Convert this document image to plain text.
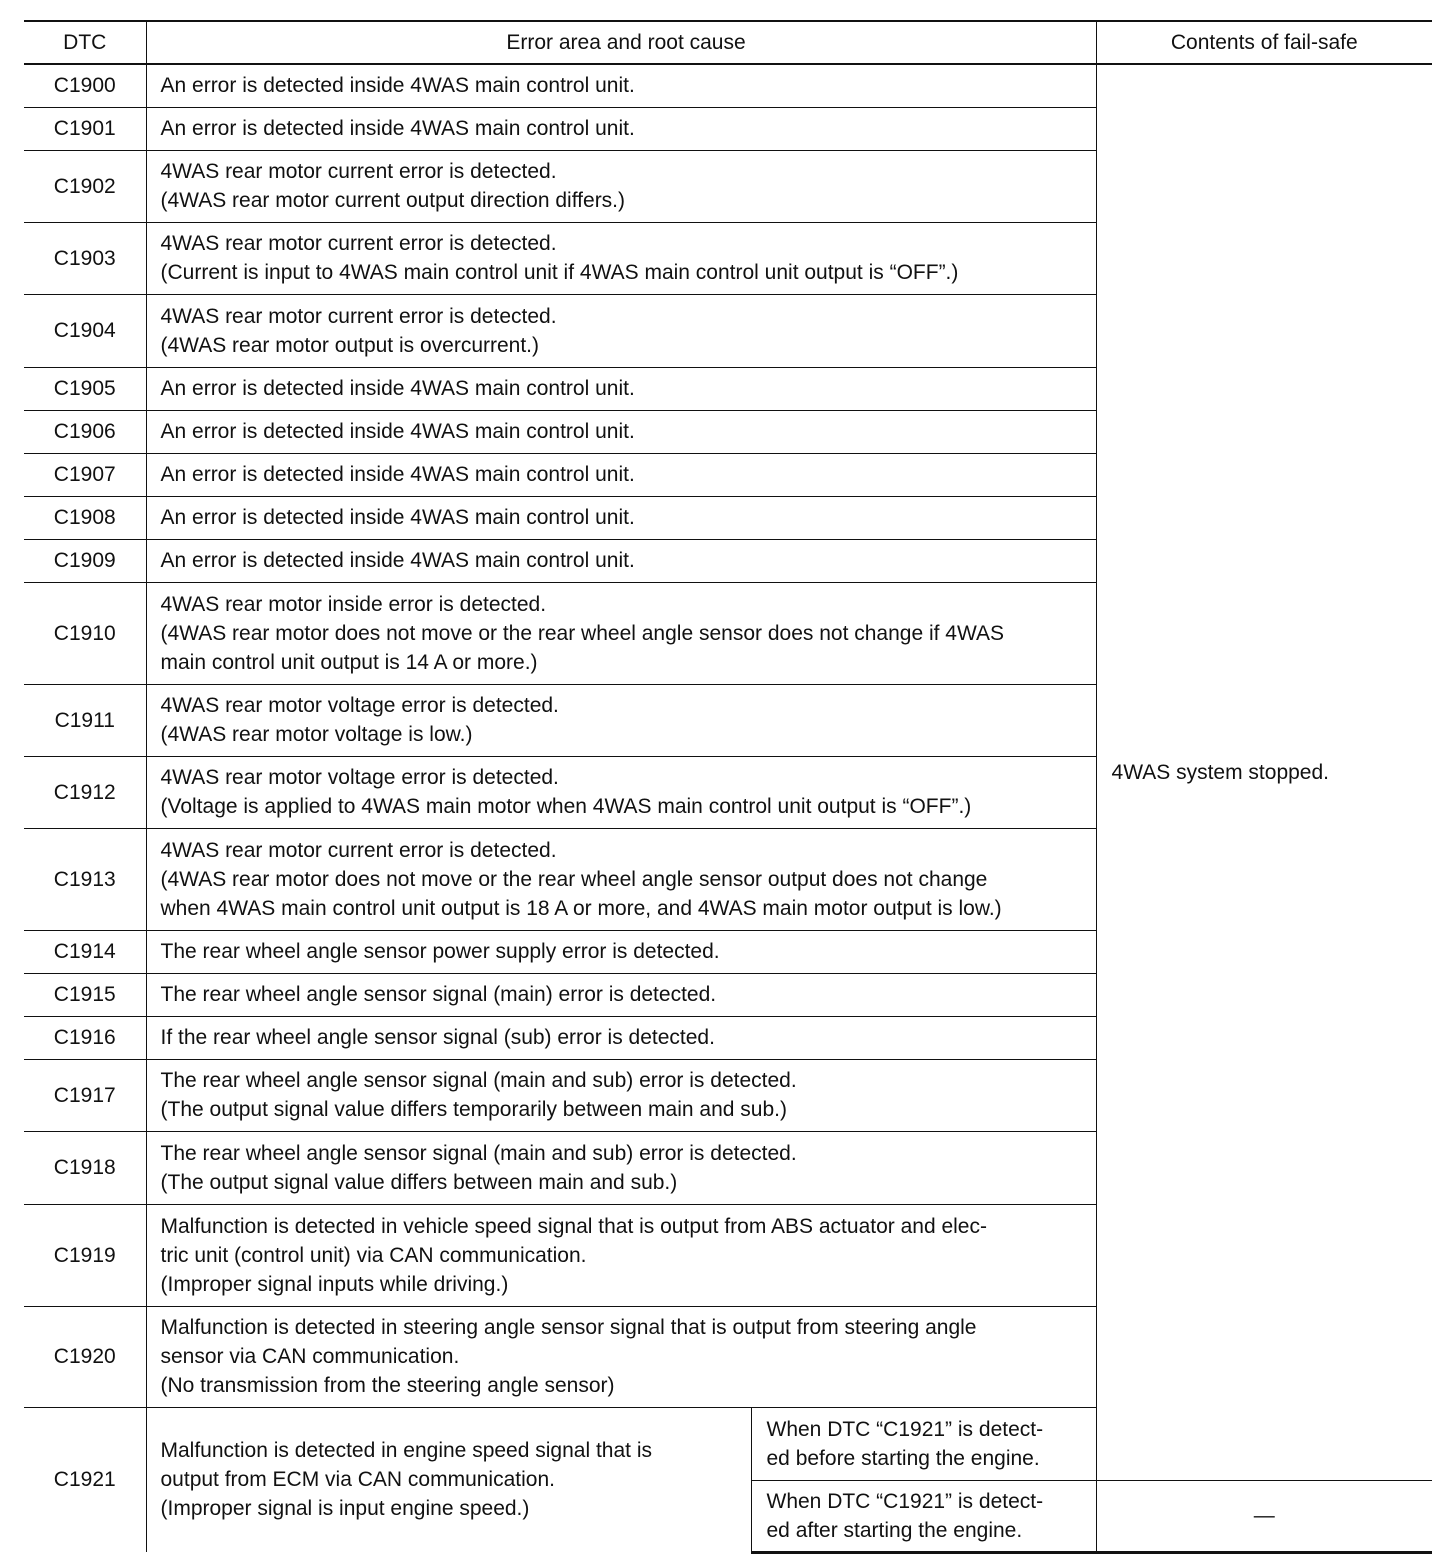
DTC	Error area and root cause		Contents of fail-safe
C1900	An error is detected inside 4WAS main control unit.		4WAS system stopped.
C1901	An error is detected inside 4WAS main control unit.		

C1902	4WAS rear motor current error is detected.
(4WAS rear motor current output direction differs.)		

C1903	4WAS rear motor current error is detected.
(Current is input to 4WAS main control unit if 4WAS main control unit output is “OFF”.)		

C1904	4WAS rear motor current error is detected.
(4WAS rear motor output is overcurrent.)		

C1905	An error is detected inside 4WAS main control unit.		

C1906	An error is detected inside 4WAS main control unit.		

C1907	An error is detected inside 4WAS main control unit.		

C1908	An error is detected inside 4WAS main control unit.		

C1909	An error is detected inside 4WAS main control unit.		

C1910	4WAS rear motor inside error is detected.
(4WAS rear motor does not move or the rear wheel angle sensor does not change if 4WAS
main control unit output is 14 A or more.)		

C1911	4WAS rear motor voltage error is detected.
(4WAS rear motor voltage is low.)		

C1912	4WAS rear motor voltage error is detected.
(Voltage is applied to 4WAS main motor when 4WAS main control unit output is “OFF”.)		

C1913	4WAS rear motor current error is detected.
(4WAS rear motor does not move or the rear wheel angle sensor output does not change
when 4WAS main control unit output is 18 A or more, and 4WAS main motor output is low.)		

C1914	The rear wheel angle sensor power supply error is detected.		

C1915	The rear wheel angle sensor signal (main) error is detected.		

C1916	If the rear wheel angle sensor signal (sub) error is detected.		

C1917	The rear wheel angle sensor signal (main and sub) error is detected.
(The output signal value differs temporarily between main and sub.)		

C1918	The rear wheel angle sensor signal (main and sub) error is detected.
(The output signal value differs between main and sub.)		

C1919	Malfunction is detected in vehicle speed signal that is output from ABS actuator and elec-
tric unit (control unit) via CAN communication.
(Improper signal inputs while driving.)		

C1920	Malfunction is detected in steering angle sensor signal that is output from steering angle
sensor via CAN communication.
(No transmission from the steering angle sensor)		

C1921	Malfunction is detected in engine speed signal that is
output from ECM via CAN communication.
(Improper signal is input engine speed.)	When DTC “C1921” is detect-
ed before starting the engine.	

		When DTC “C1921” is detect-
ed after starting the engine.	—
